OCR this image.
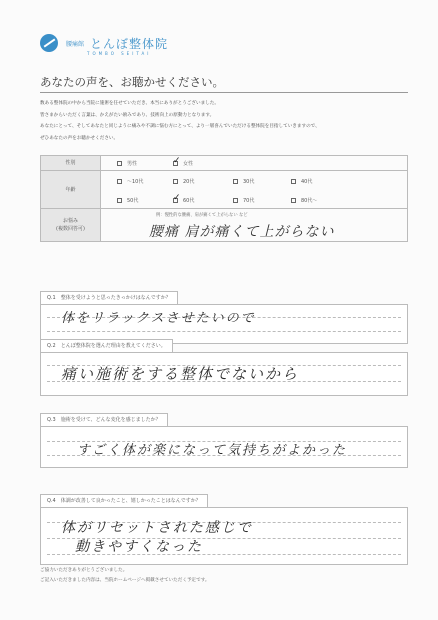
腰痛館 とんぼ整体院
TOMBO SEITAI
あなたの声を、お聴かせください。
数ある整体院の中から当院に施術を任せていただき、本当にありがとうございました。
皆さまからいただく言葉は、かえがたい励みであり、技術向上の原動力となります。
あなたにとって、そしてあなたと同じように痛みや不調に悩む方にとって、より一層喜んでいただける整体院を目指していきますので、
ぜひあなたの声をお聴かせください。
性別	男性	✓ 女性
年齢
〜10代	20代	30代	40代
50代	✓ 60代	70代	80代〜
お悩み
(複数回答可)
例：慢性的な腰痛、肩が痛くて上がらない など
腰痛 肩が痛くて上がらない
Q.1　整体を受けようと思ったきっかけはなんですか？
体をリラックスさせたいので
Q.2　とんぼ整体院を選んだ理由を教えてください。
痛い施術をする整体でないから
Q.3　施術を受けて、どんな変化を感じましたか？
すごく体が楽になって気持ちがよかった
Q.4　体調が改善して良かったこと、嬉しかったことはなんですか？
体がリセットされた感じで
動きやすくなった
ご協力いただきありがとうございました。
ご記入いただきました内容は、当院ホームページへ掲載させていただく予定です。
